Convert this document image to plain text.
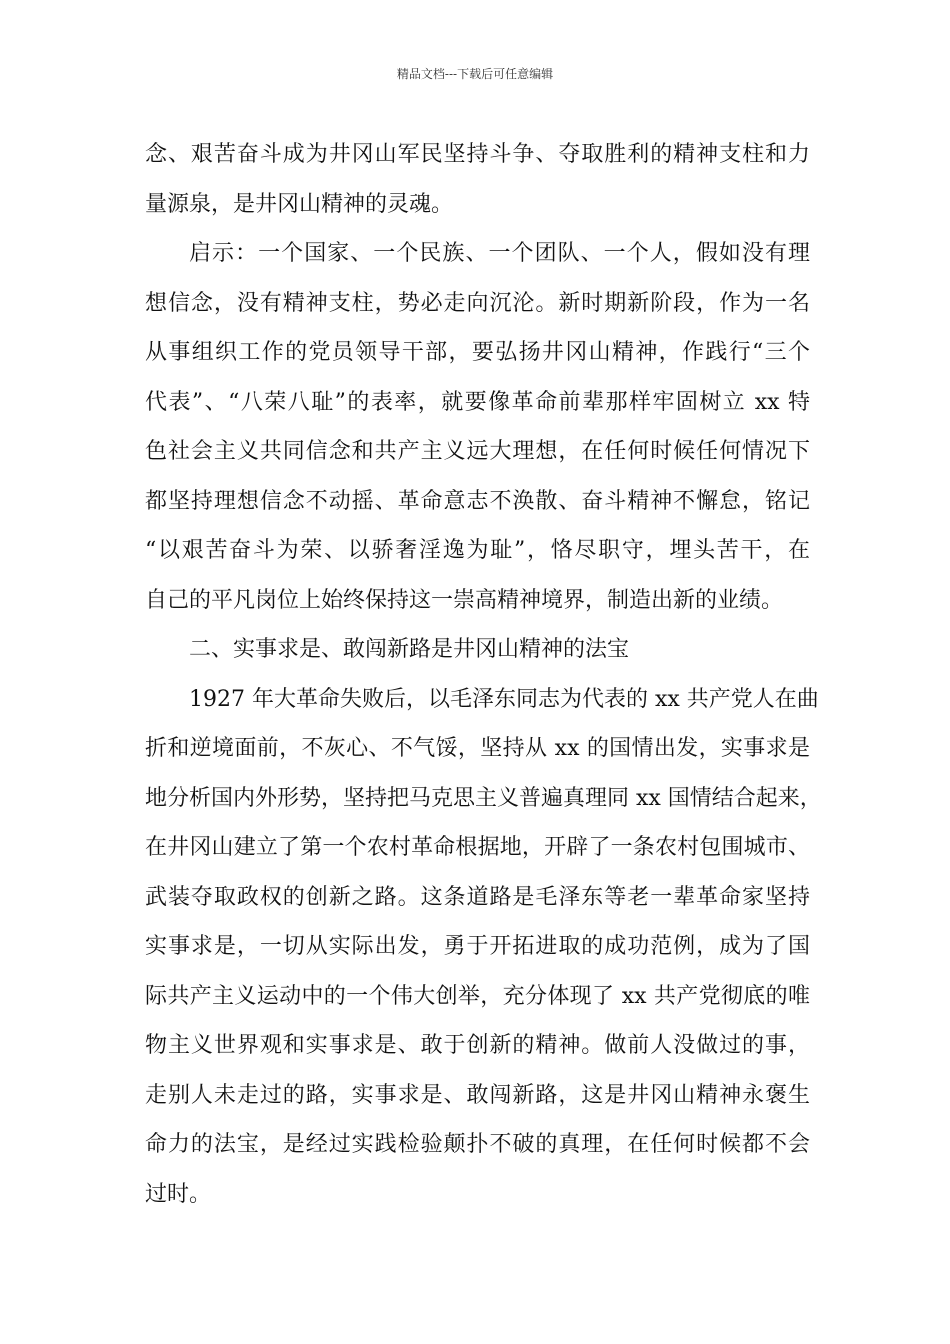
精品文档---下载后可任意编辑
念、艰苦奋斗成为井冈山军民坚持斗争、夺取胜利的精神支柱和力
量源泉，是井冈山精神的灵魂。
启示：一个国家、一个民族、一个团队、一个人，假如没有理
想信念，没有精神支柱，势必走向沉沦。新时期新阶段，作为一名
从事组织工作的党员领导干部，要弘扬井冈山精神，作践行“三个
代表”、“八荣八耻”的表率，就要像革命前辈那样牢固树立 xx 特
色社会主义共同信念和共产主义远大理想，在任何时候任何情况下
都坚持理想信念不动摇、革命意志不涣散、奋斗精神不懈怠，铭记
“以艰苦奋斗为荣、以骄奢淫逸为耻”，恪尽职守，埋头苦干，在
自己的平凡岗位上始终保持这一崇高精神境界，制造出新的业绩。
二、实事求是、敢闯新路是井冈山精神的法宝
1927 年大革命失败后，以毛泽东同志为代表的 xx 共产党人在曲
折和逆境面前，不灰心、不气馁，坚持从 xx 的国情出发，实事求是
地分析国内外形势，坚持把马克思主义普遍真理同 xx 国情结合起来，
在井冈山建立了第一个农村革命根据地，开辟了一条农村包围城市、
武装夺取政权的创新之路。这条道路是毛泽东等老一辈革命家坚持
实事求是，一切从实际出发，勇于开拓进取的成功范例，成为了国
际共产主义运动中的一个伟大创举，充分体现了 xx 共产党彻底的唯
物主义世界观和实事求是、敢于创新的精神。做前人没做过的事，
走别人未走过的路，实事求是、敢闯新路，这是井冈山精神永褒生
命力的法宝，是经过实践检验颠扑不破的真理，在任何时候都不会
过时。
